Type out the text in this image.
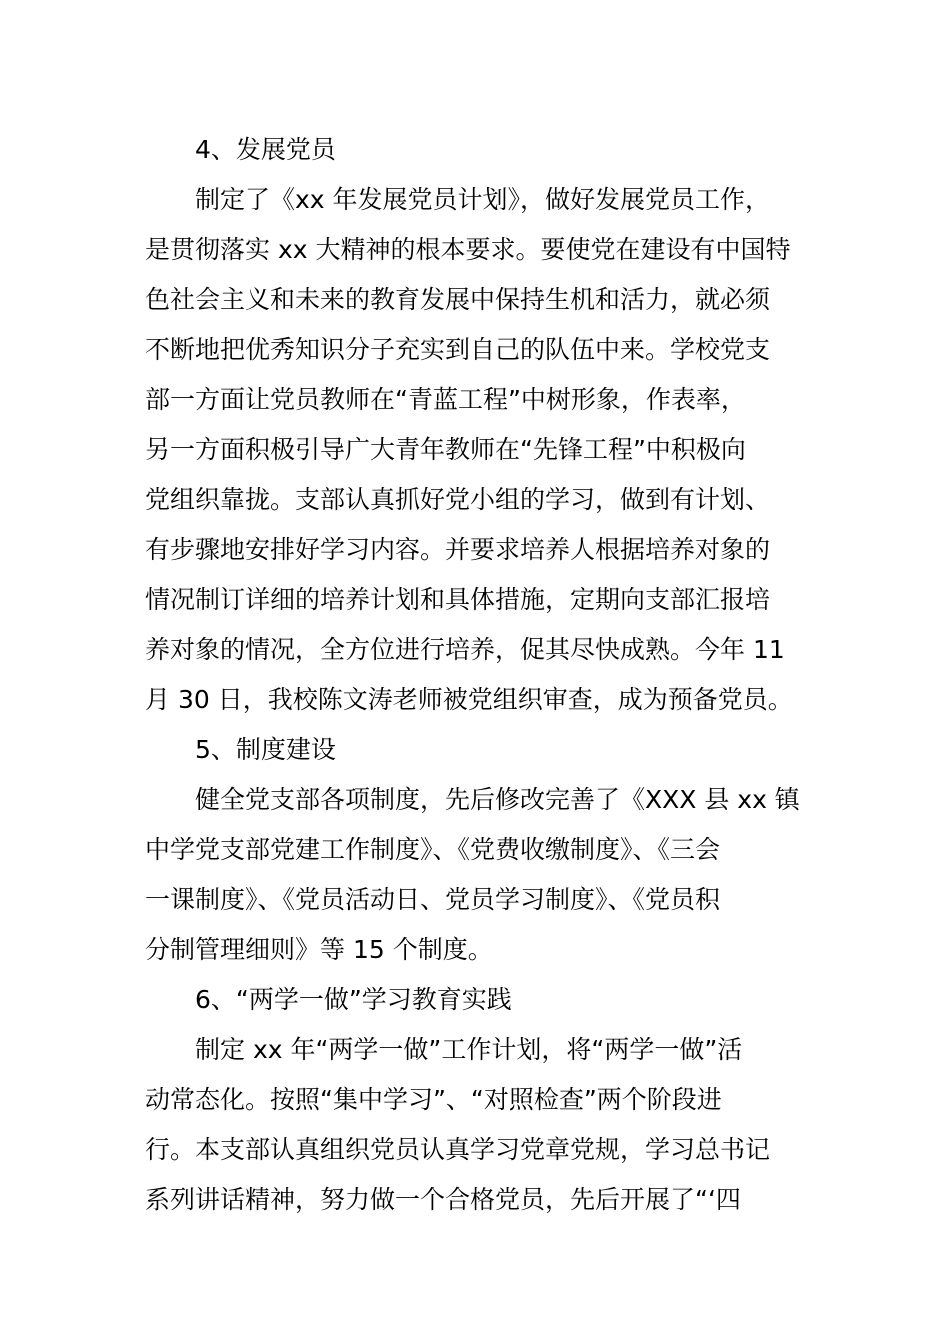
4、发展党员
制定了《xx 年发展党员计划》，做好发展党员工作，
是贯彻落实 xx 大精神的根本要求。要使党在建设有中国特
色社会主义和未来的教育发展中保持生机和活力，就必须
不断地把优秀知识分子充实到自己的队伍中来。学校党支
部一方面让党员教师在“青蓝工程”中树形象，作表率，
另一方面积极引导广大青年教师在“先锋工程”中积极向
党组织靠拢。支部认真抓好党小组的学习，做到有计划、
有步骤地安排好学习内容。并要求培养人根据培养对象的
情况制订详细的培养计划和具体措施，定期向支部汇报培
养对象的情况，全方位进行培养，促其尽快成熟。今年 11
月 30 日，我校陈文涛老师被党组织审查，成为预备党员。
5、制度建设
健全党支部各项制度，先后修改完善了《XXX 县 xx 镇
中学党支部党建工作制度》、《党费收缴制度》、《三会
一课制度》、《党员活动日、党员学习制度》、《党员积
分制管理细则》等 15 个制度。
6、“两学一做”学习教育实践
制定 xx 年“两学一做”工作计划，将“两学一做”活
动常态化。按照“集中学习”、“对照检查”两个阶段进
行。本支部认真组织党员认真学习党章党规，学习总书记
系列讲话精神，努力做一个合格党员，先后开展了“‘四
